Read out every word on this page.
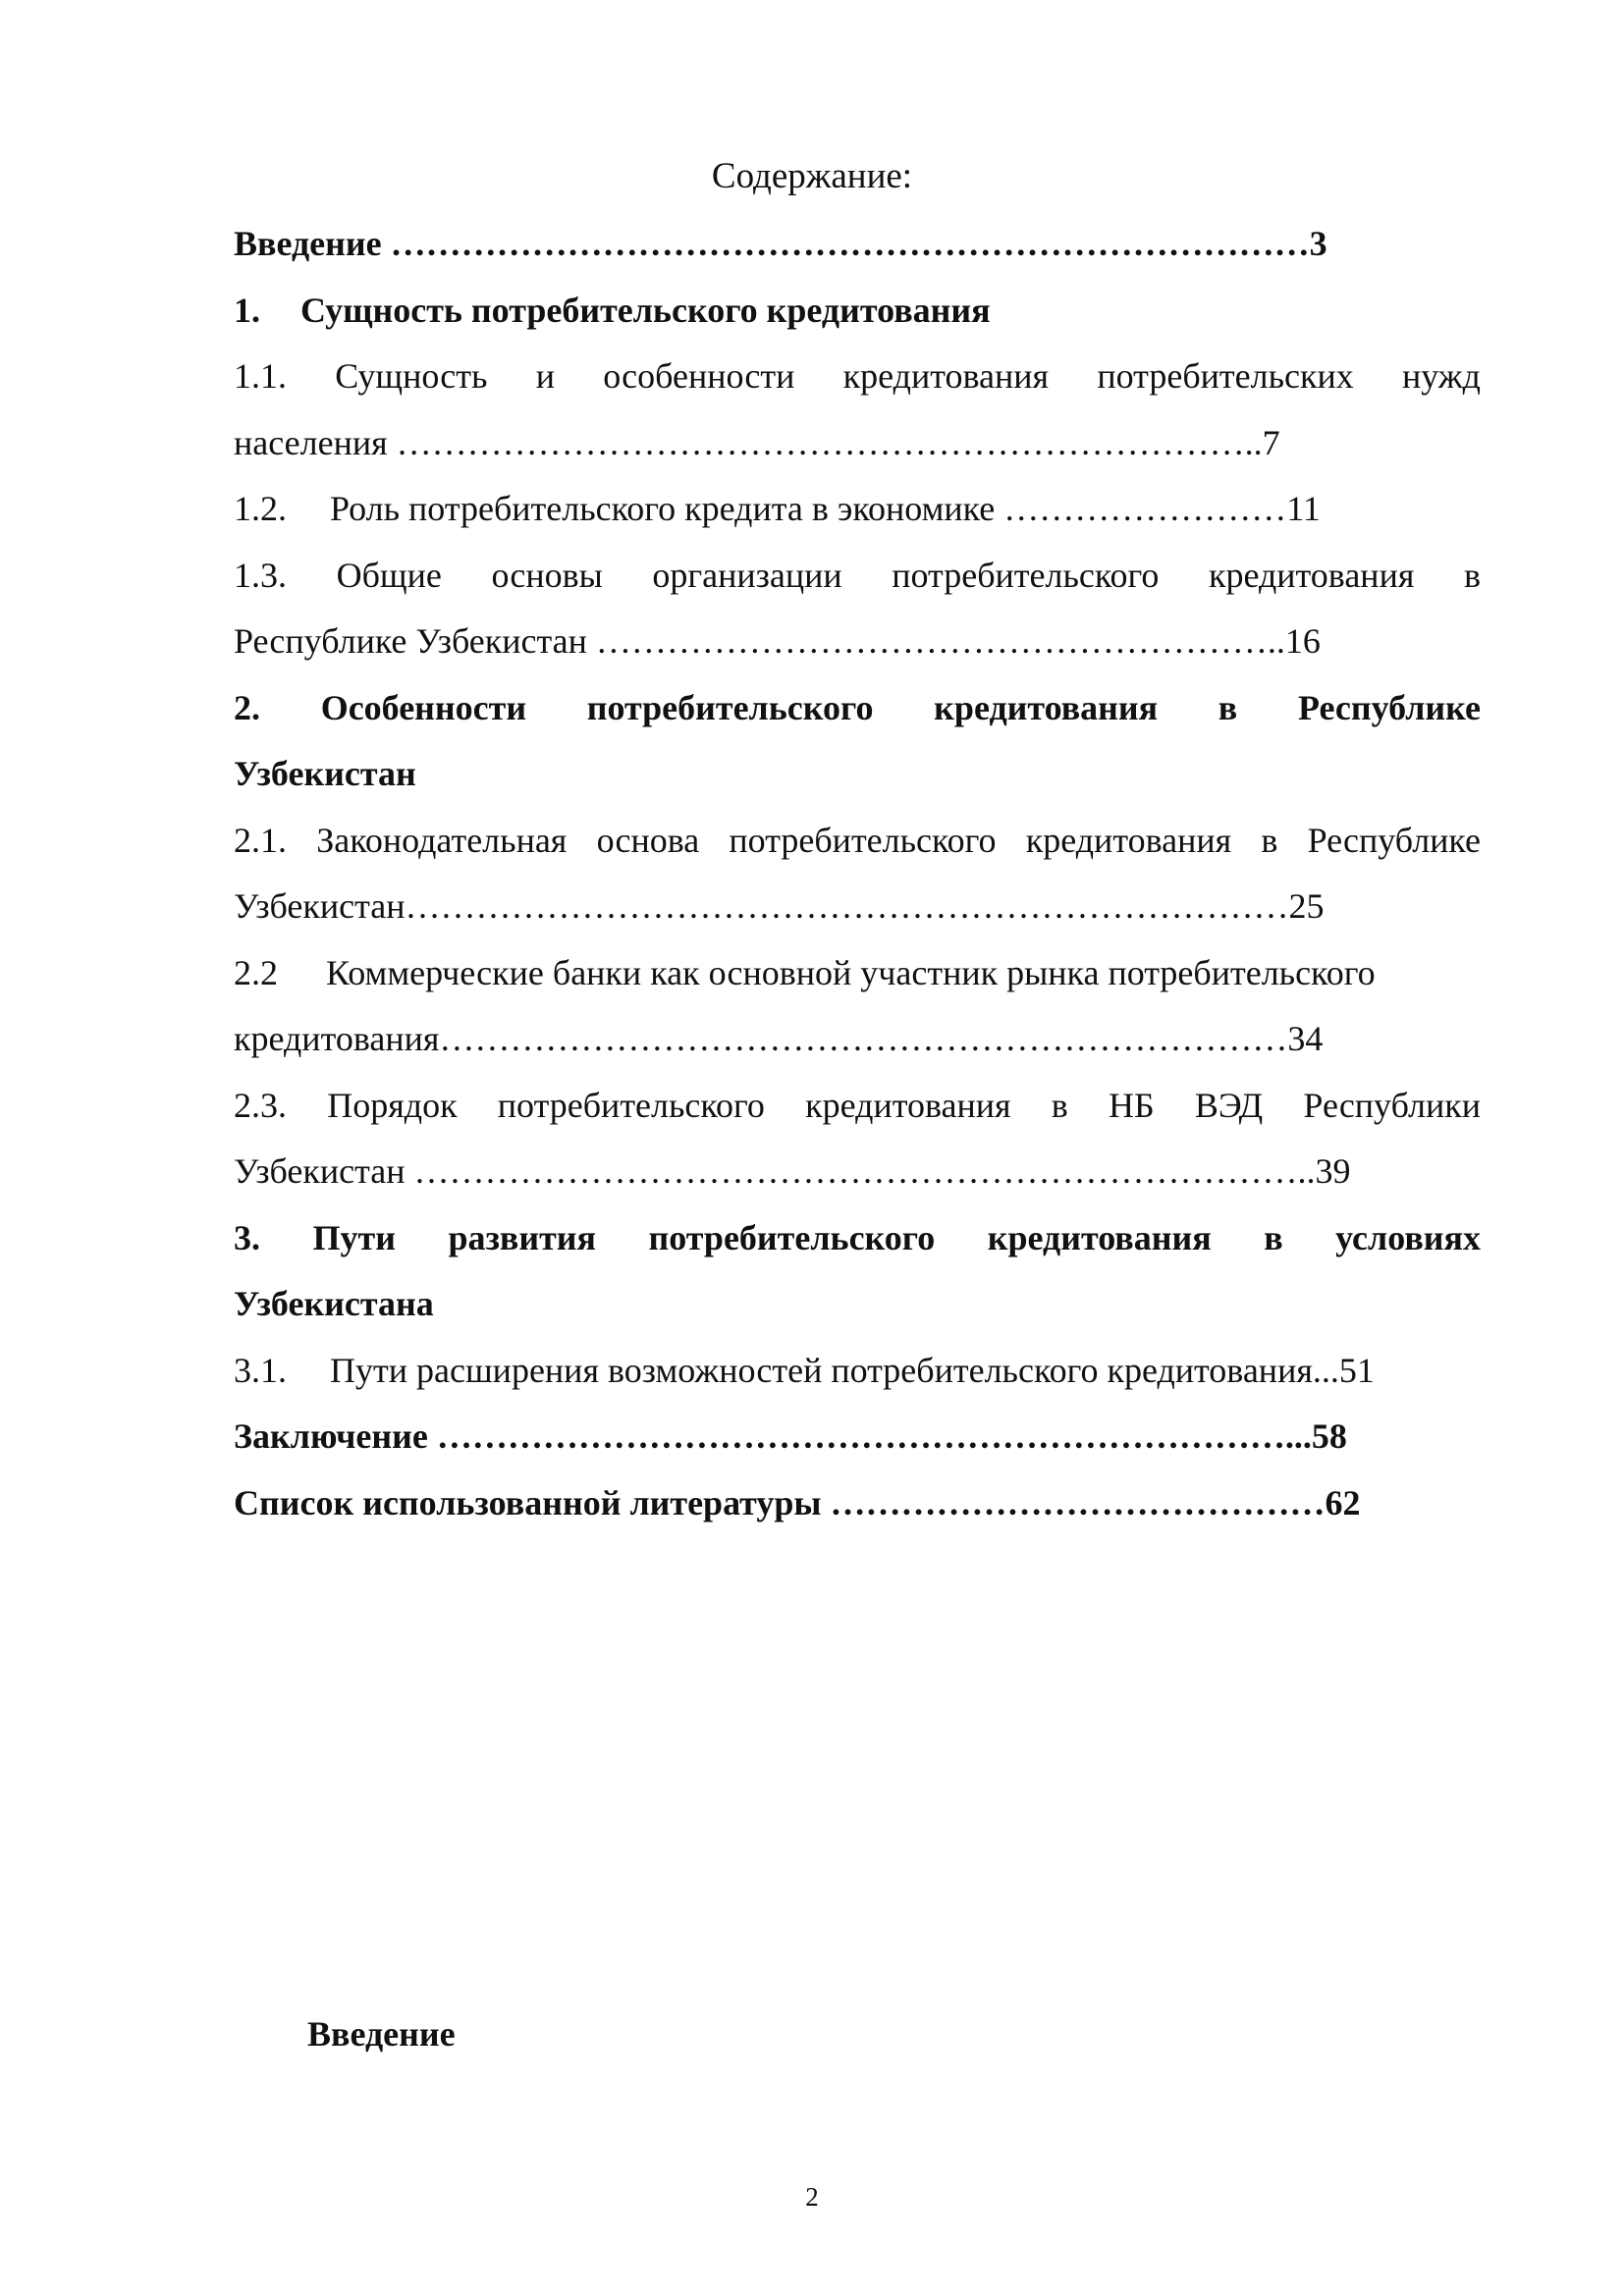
Содержание:
Введение ……………………………………………………………………3
1. Сущность потребительского кредитования
1.1. Сущность и особенности кредитования потребительских нужд
населения ………………………………………………………………..7
1.2. Роль потребительского кредита в экономике ……………………11
1.3. Общие основы организации потребительского кредитования в
Республике Узбекистан …………………………………………………..16
2. Особенности потребительского кредитования в Республике
Узбекистан
2.1. Законодательная основа потребительского кредитования в Республике
Узбекистан…………………………………………………………………25
2.2 Коммерческие банки как основной участник рынка потребительского
кредитования………………………………………………………………34
2.3. Порядок потребительского кредитования в НБ ВЭД Республики
Узбекистан …………………………………………………………………..39
3. Пути развития потребительского кредитования в условиях
Узбекистана
3.1. Пути расширения возможностей потребительского кредитования...51
Заключение ………………………………………………………………...58
Список использованной литературы ……………………………………62
Введение
2
